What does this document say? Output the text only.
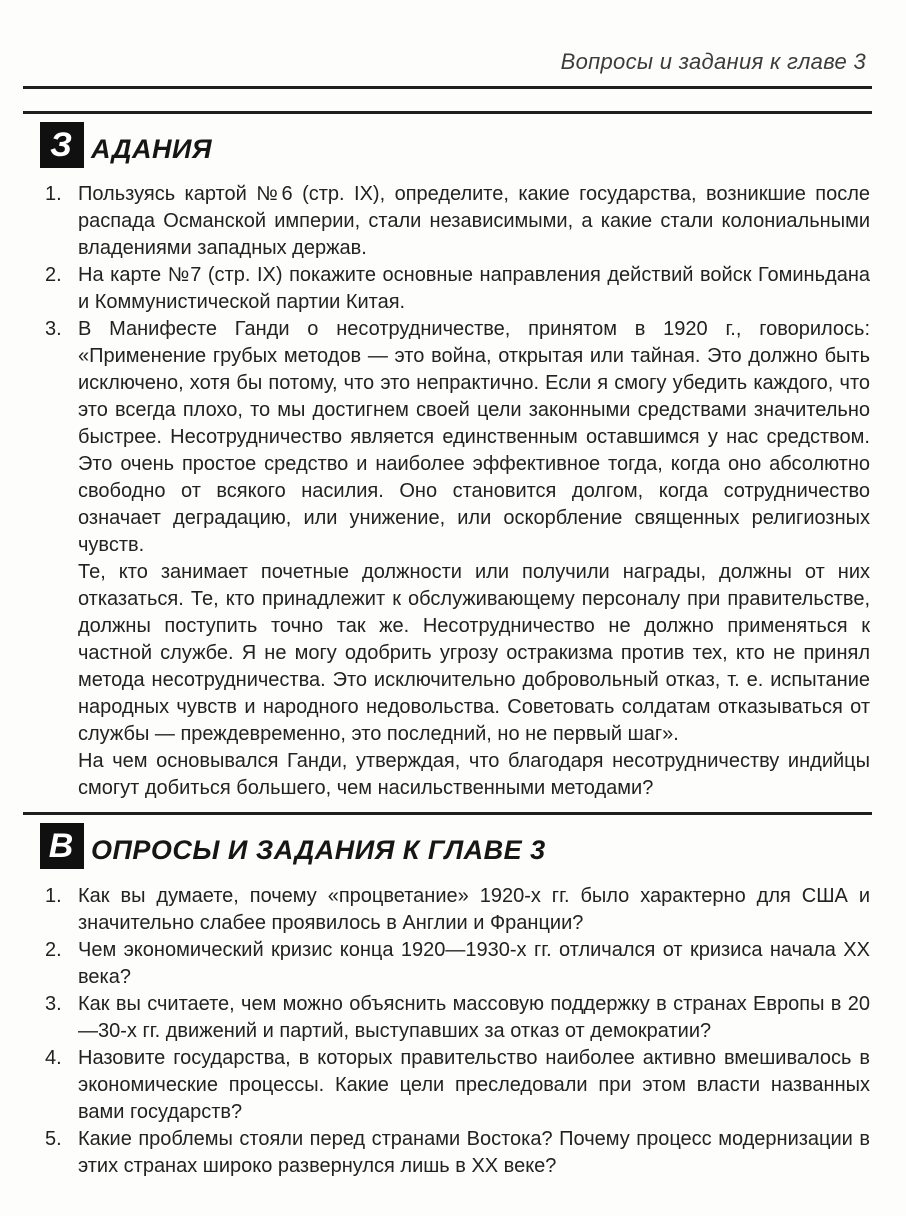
Вопросы и задания к главе 3
З АДАНИЯ
1. Пользуясь картой №6 (стр. IX), определите, какие государства, возникшие после распада Османской империи, стали независимыми, а какие стали колониальными владениями западных держав.

2. На карте №7 (стр. IX) покажите основные направления действий войск Гоминьдана и Коммунистической партии Китая.

3. В Манифесте Ганди о несотрудничестве, принятом в 1920 г., говорилось: «Применение грубых методов — это война, открытая или тайная. Это должно быть исключено, хотя бы потому, что это непрактично. Если я смогу убедить каждого, что это всегда плохо, то мы достигнем своей цели законными средствами значительно быстрее. Несотрудничество является единственным оставшимся у нас средством. Это очень простое средство и наиболее эффективное тогда, когда оно абсолютно свободно от всякого насилия. Оно становится долгом, когда сотрудничество означает деградацию, или унижение, или оскорбление священных религиозных чувств.

Те, кто занимает почетные должности или получили награды, должны от них отказаться. Те, кто принадлежит к обслуживающему персоналу при правительстве, должны поступить точно так же. Несотрудничество не должно применяться к частной службе. Я не могу одобрить угрозу остракизма против тех, кто не принял метода несотрудничества. Это исключительно добровольный отказ, т. е. испытание народных чувств и народного недовольства. Советовать солдатам отказываться от службы — преждевременно, это последний, но не первый шаг».

На чем основывался Ганди, утверждая, что благодаря несотрудничеству индийцы смогут добиться большего, чем насильственными методами?

В ОПРОСЫ И ЗАДАНИЯ К ГЛАВЕ 3
1. Как вы думаете, почему «процветание» 1920-х гг. было характерно для США и значительно слабее проявилось в Англии и Франции?

2. Чем экономический кризис конца 1920—1930-х гг. отличался от кризиса начала XX века?

3. Как вы считаете, чем можно объяснить массовую поддержку в странах Европы в 20—30-х гг. движений и партий, выступавших за отказ от демократии?

4. Назовите государства, в которых правительство наиболее активно вмешивалось в экономические процессы. Какие цели преследовали при этом власти названных вами государств?

5. Какие проблемы стояли перед странами Востока? Почему процесс модернизации в этих странах широко развернулся лишь в XX веке?
